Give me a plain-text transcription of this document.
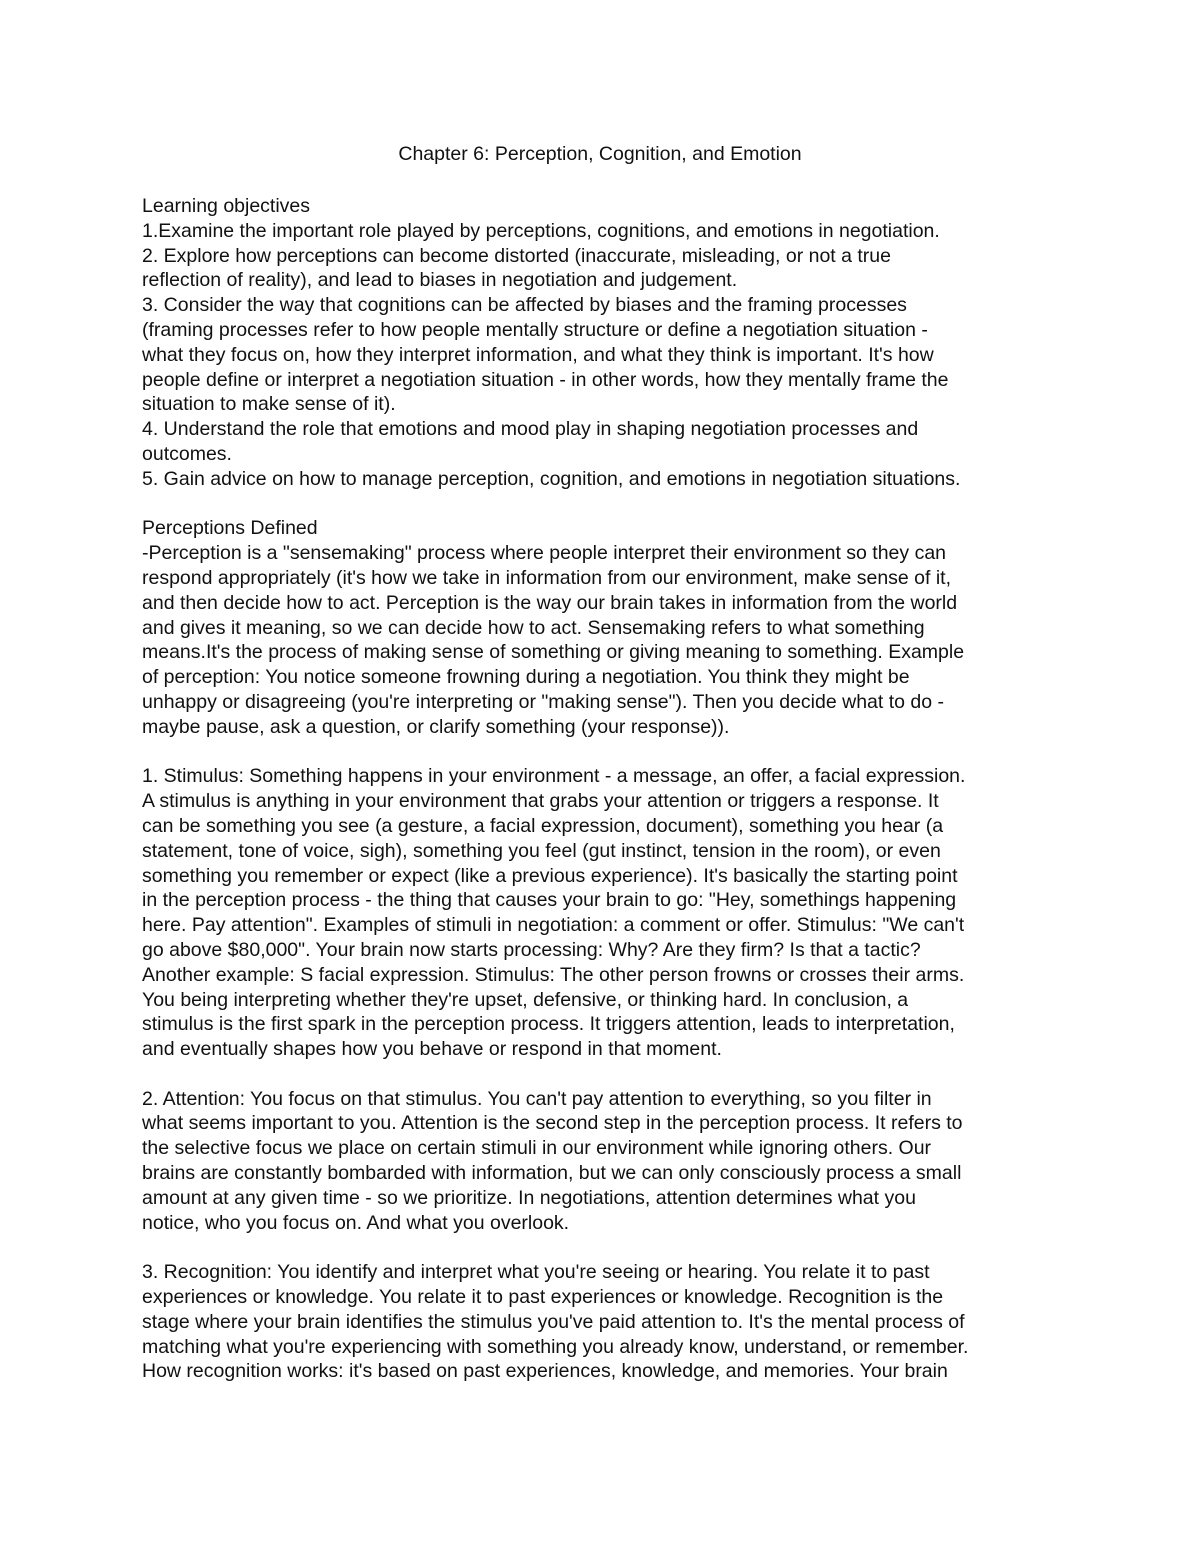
Chapter 6: Perception, Cognition, and Emotion
Learning objectives
1.Examine the important role played by perceptions, cognitions, and emotions in negotiation.
2. Explore how perceptions can become distorted (inaccurate, misleading, or not a true
reflection of reality), and lead to biases in negotiation and judgement.
3. Consider the way that cognitions can be affected by biases and the framing processes
(framing processes refer to how people mentally structure or define a negotiation situation -
what they focus on, how they interpret information, and what they think is important. It's how
people define or interpret a negotiation situation - in other words, how they mentally frame the
situation to make sense of it).
4. Understand the role that emotions and mood play in shaping negotiation processes and
outcomes.
5. Gain advice on how to manage perception, cognition, and emotions in negotiation situations.
Perceptions Defined
-Perception is a "sensemaking" process where people interpret their environment so they can
respond appropriately (it's how we take in information from our environment, make sense of it,
and then decide how to act. Perception is the way our brain takes in information from the world
and gives it meaning, so we can decide how to act. Sensemaking refers to what something
means.It's the process of making sense of something or giving meaning to something. Example
of perception: You notice someone frowning during a negotiation. You think they might be
unhappy or disagreeing (you're interpreting or "making sense"). Then you decide what to do -
maybe pause, ask a question, or clarify something (your response)).
1. Stimulus: Something happens in your environment - a message, an offer, a facial expression.
A stimulus is anything in your environment that grabs your attention or triggers a response. It
can be something you see (a gesture, a facial expression, document), something you hear (a
statement, tone of voice, sigh), something you feel (gut instinct, tension in the room), or even
something you remember or expect (like a previous experience). It's basically the starting point
in the perception process - the thing that causes your brain to go: "Hey, somethings happening
here. Pay attention". Examples of stimuli in negotiation: a comment or offer. Stimulus: "We can't
go above $80,000". Your brain now starts processing: Why? Are they firm? Is that a tactic?
Another example: S facial expression. Stimulus: The other person frowns or crosses their arms.
You being interpreting whether they're upset, defensive, or thinking hard. In conclusion, a
stimulus is the first spark in the perception process. It triggers attention, leads to interpretation,
and eventually shapes how you behave or respond in that moment.
2. Attention: You focus on that stimulus. You can't pay attention to everything, so you filter in
what seems important to you. Attention is the second step in the perception process. It refers to
the selective focus we place on certain stimuli in our environment while ignoring others. Our
brains are constantly bombarded with information, but we can only consciously process a small
amount at any given time - so we prioritize. In negotiations, attention determines what you
notice, who you focus on. And what you overlook.
3. Recognition: You identify and interpret what you're seeing or hearing. You relate it to past
experiences or knowledge. You relate it to past experiences or knowledge. Recognition is the
stage where your brain identifies the stimulus you've paid attention to. It's the mental process of
matching what you're experiencing with something you already know, understand, or remember.
How recognition works: it's based on past experiences, knowledge, and memories. Your brain
